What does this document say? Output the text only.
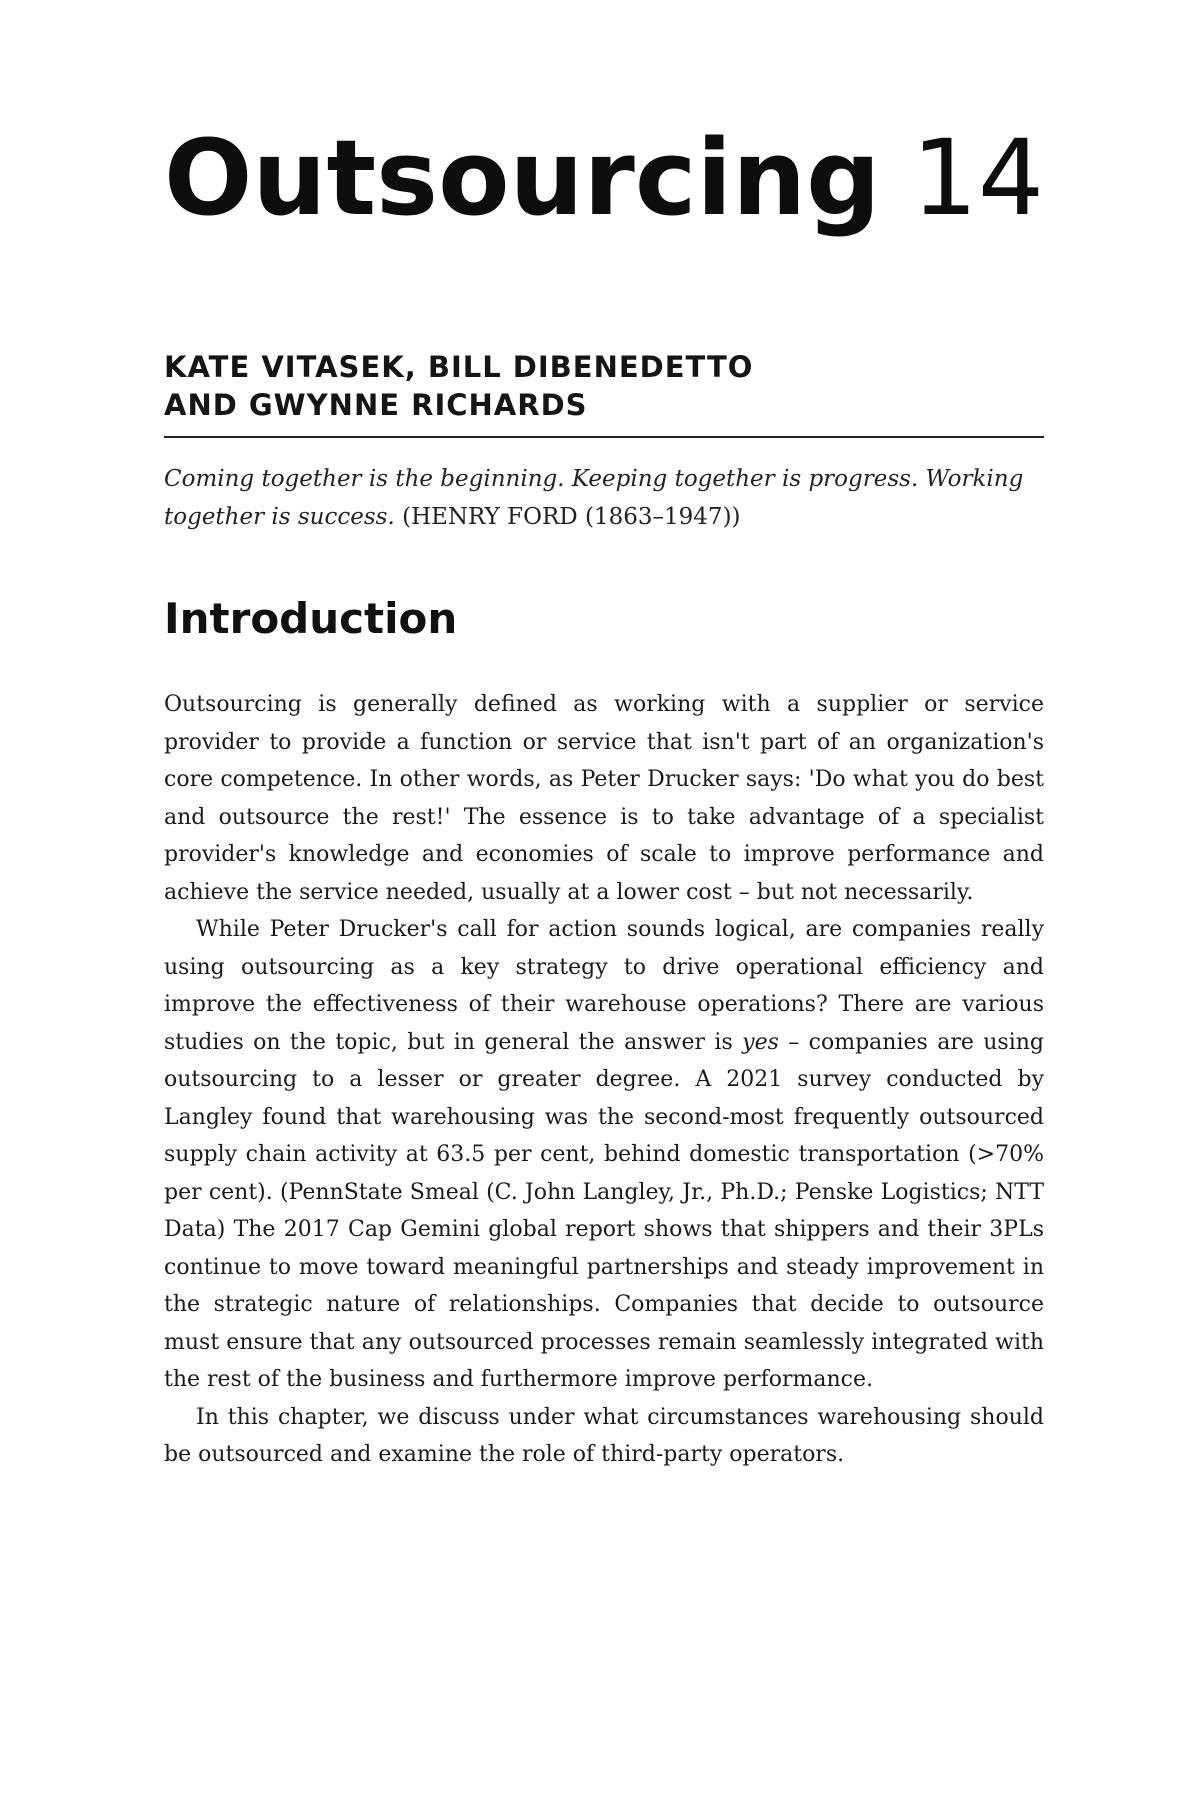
Outsourcing 14
KATE VITASEK, BILL DIBENEDETTO
AND GWYNNE RICHARDS
Coming together is the beginning. Keeping together is progress. Working together is success. (HENRY FORD (1863–1947))
Introduction

Outsourcing is generally defined as working with a supplier or service provider to provide a function or service that isn't part of an organization's core competence. In other words, as Peter Drucker says: 'Do what you do best and outsource the rest!' The essence is to take advantage of a specialist provider's knowledge and economies of scale to improve performance and achieve the service needed, usually at a lower cost – but not necessarily.

While Peter Drucker's call for action sounds logical, are companies really using outsourcing as a key strategy to drive operational efficiency and improve the effectiveness of their warehouse operations? There are various studies on the topic, but in general the answer is yes – companies are using outsourcing to a lesser or greater degree. A 2021 survey conducted by Langley found that warehousing was the second-most frequently outsourced supply chain activity at 63.5 per cent, behind domestic transportation (>70% per cent). (PennState Smeal (C. John Langley, Jr., Ph.D.; Penske Logistics; NTT Data) The 2017 Cap Gemini global report shows that shippers and their 3PLs continue to move toward meaningful partnerships and steady improvement in the strategic nature of relationships. Companies that decide to outsource must ensure that any outsourced processes remain seamlessly integrated with the rest of the business and furthermore improve performance.

In this chapter, we discuss under what circumstances warehousing should be outsourced and examine the role of third-party operators.
